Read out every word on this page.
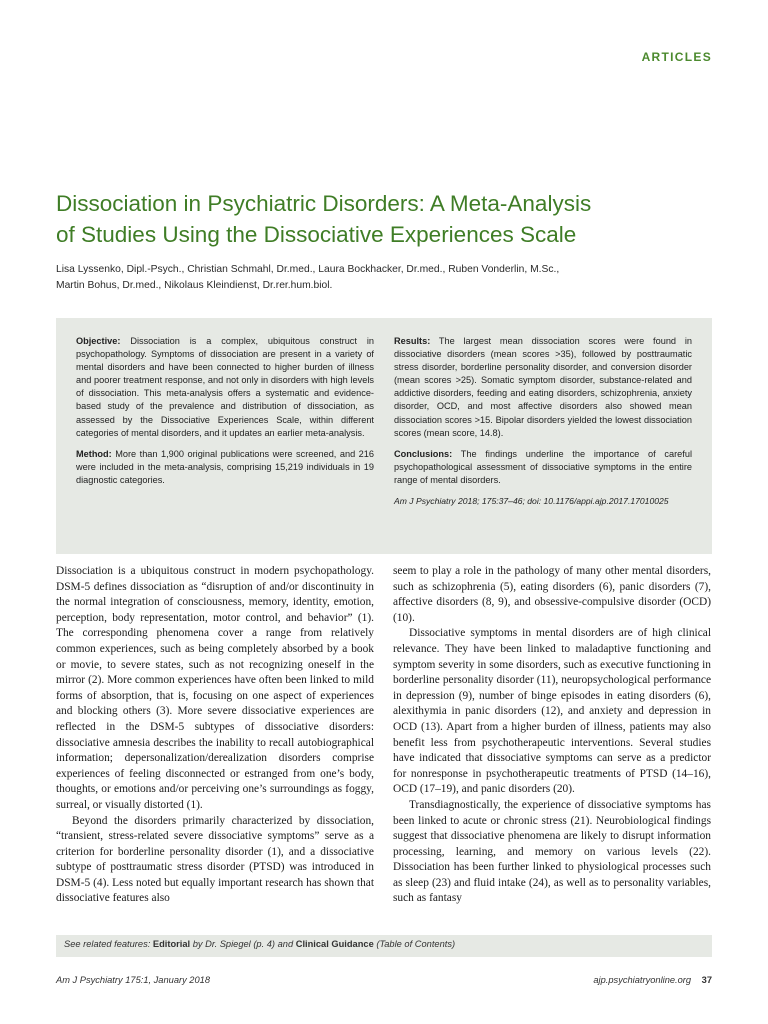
ARTICLES
Dissociation in Psychiatric Disorders: A Meta-Analysis
of Studies Using the Dissociative Experiences Scale
Lisa Lyssenko, Dipl.-Psych., Christian Schmahl, Dr.med., Laura Bockhacker, Dr.med., Ruben Vonderlin, M.Sc.,
Martin Bohus, Dr.med., Nikolaus Kleindienst, Dr.rer.hum.biol.

Objective: Dissociation is a complex, ubiquitous construct in psychopathology. Symptoms of dissociation are present in a variety of mental disorders and have been connected to higher burden of illness and poorer treatment response, and not only in disorders with high levels of dissociation. This meta-analysis offers a systematic and evidence-based study of the prevalence and distribution of dissociation, as assessed by the Dissociative Experiences Scale, within different categories of mental disorders, and it updates an earlier meta-analysis.

Method: More than 1,900 original publications were screened, and 216 were included in the meta-analysis, comprising 15,219 individuals in 19 diagnostic categories.

Results: The largest mean dissociation scores were found in dissociative disorders (mean scores >35), followed by posttraumatic stress disorder, borderline personality disorder, and conversion disorder (mean scores >25). Somatic symptom disorder, substance-related and addictive disorders, feeding and eating disorders, schizophrenia, anxiety disorder, OCD, and most affective disorders also showed mean dissociation scores >15. Bipolar disorders yielded the lowest dissociation scores (mean score, 14.8).

Conclusions: The findings underline the importance of careful psychopathological assessment of dissociative symptoms in the entire range of mental disorders.

Am J Psychiatry 2018; 175:37–46; doi: 10.1176/appi.ajp.2017.17010025

Dissociation is a ubiquitous construct in modern psychopathology. DSM-5 defines dissociation as “disruption of and/or discontinuity in the normal integration of consciousness, memory, identity, emotion, perception, body representation, motor control, and behavior” (1). The corresponding phenomena cover a range from relatively common experiences, such as being completely absorbed by a book or movie, to severe states, such as not recognizing oneself in the mirror (2). More common experiences have often been linked to mild forms of absorption, that is, focusing on one aspect of experiences and blocking others (3). More severe dissociative experiences are reflected in the DSM-5 subtypes of dissociative disorders: dissociative amnesia describes the inability to recall autobiographical information; depersonalization/derealization disorders comprise experiences of feeling disconnected or estranged from one’s body, thoughts, or emotions and/or perceiving one’s surroundings as foggy, surreal, or visually distorted (1).

Beyond the disorders primarily characterized by dissociation, “transient, stress-related severe dissociative symptoms” serve as a criterion for borderline personality disorder (1), and a dissociative subtype of posttraumatic stress disorder (PTSD) was introduced in DSM-5 (4). Less noted but equally important research has shown that dissociative features also

seem to play a role in the pathology of many other mental disorders, such as schizophrenia (5), eating disorders (6), panic disorders (7), affective disorders (8, 9), and obsessive-compulsive disorder (OCD) (10).

Dissociative symptoms in mental disorders are of high clinical relevance. They have been linked to maladaptive functioning and symptom severity in some disorders, such as executive functioning in borderline personality disorder (11), neuropsychological performance in depression (9), number of binge episodes in eating disorders (6), alexithymia in panic disorders (12), and anxiety and depression in OCD (13). Apart from a higher burden of illness, patients may also benefit less from psychotherapeutic interventions. Several studies have indicated that dissociative symptoms can serve as a predictor for nonresponse in psychotherapeutic treatments of PTSD (14–16), OCD (17–19), and panic disorders (20).

Transdiagnostically, the experience of dissociative symptoms has been linked to acute or chronic stress (21). Neurobiological findings suggest that dissociative phenomena are likely to disrupt information processing, learning, and memory on various levels (22). Dissociation has been further linked to physiological processes such as sleep (23) and fluid intake (24), as well as to personality variables, such as fantasy

See related features: Editorial by Dr. Spiegel (p. 4) and Clinical Guidance (Table of Contents)
Am J Psychiatry 175:1, January 2018	ajp.psychiatryonline.org 37
